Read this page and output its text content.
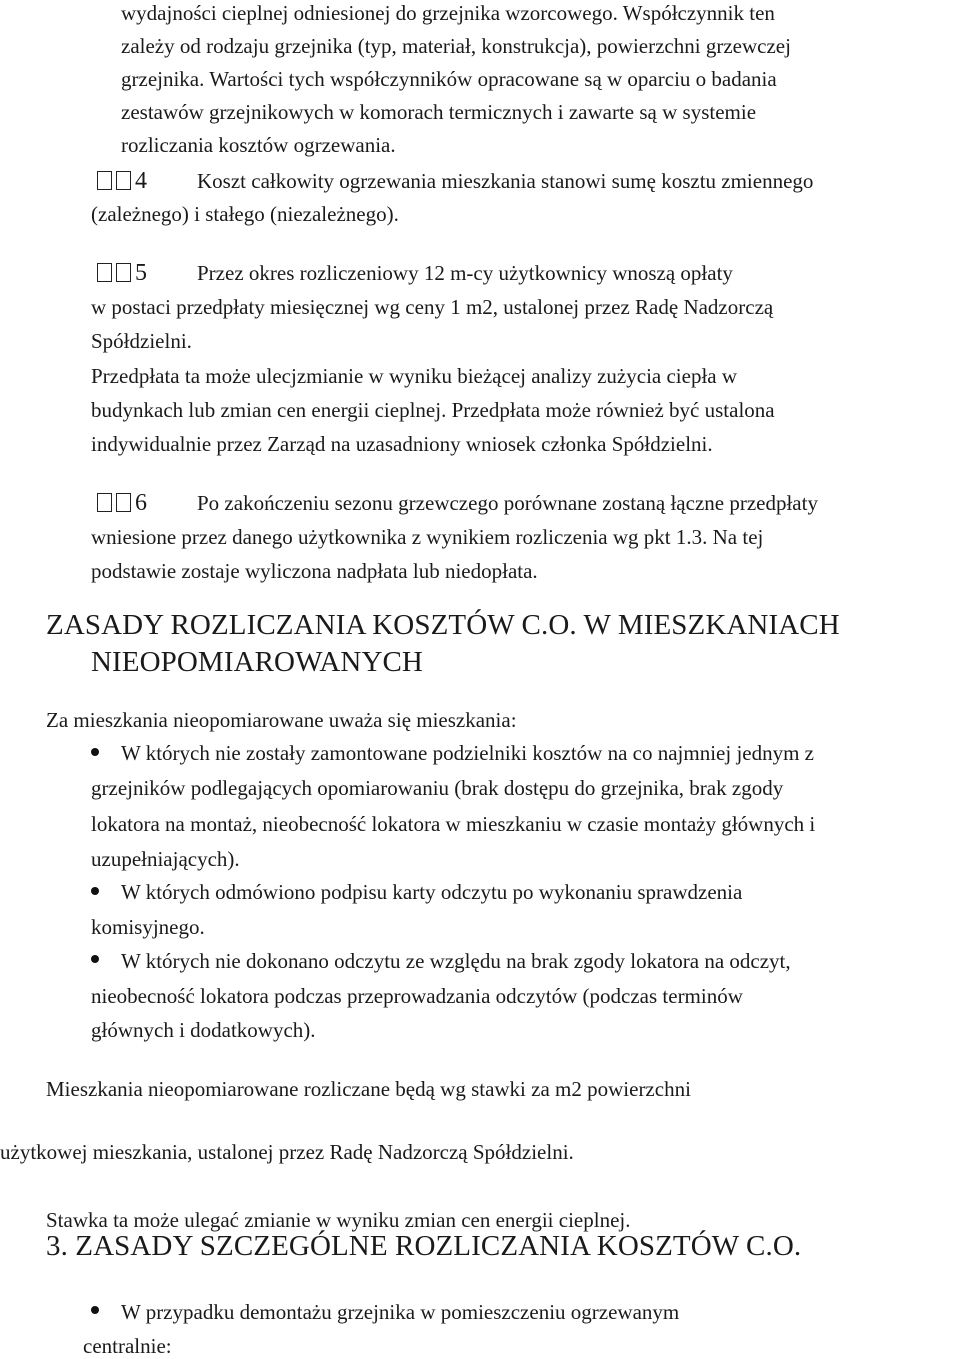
wydajności cieplnej odniesionej do grzejnika wzorcowego. Współczynnik ten
zależy od rodzaju grzejnika (typ, materiał, konstrukcja), powierzchni grzewczej
grzejnika. Wartości tych współczynników opracowane są w oparciu o badania
zestawów grzejnikowych w komorach termicznych i zawarte są w systemie
rozliczania kosztów ogrzewania.
4 Koszt całkowity ogrzewania mieszkania stanowi sumę kosztu zmiennego
(zależnego) i stałego (niezależnego).
5 Przez okres rozliczeniowy 12 m-cy użytkownicy wnoszą opłaty
w postaci przedpłaty miesięcznej wg ceny 1 m2, ustalonej przez Radę Nadzorczą
Spółdzielni.
Przedpłata ta może ulecjzmianie w wyniku bieżącej analizy zużycia ciepła w
budynkach lub zmian cen energii cieplnej. Przedpłata może również być ustalona
indywidualnie przez Zarząd na uzasadniony wniosek członka Spółdzielni.
6 Po zakończeniu sezonu grzewczego porównane zostaną łączne przedpłaty
wniesione przez danego użytkownika z wynikiem rozliczenia wg pkt 1.3. Na tej
podstawie zostaje wyliczona nadpłata lub niedopłata.
ZASADY ROZLICZANIA KOSZTÓW C.O. W MIESZKANIACH
NIEOPOMIAROWANYCH
Za mieszkania nieopomiarowane uważa się mieszkania:
W których nie zostały zamontowane podzielniki kosztów na co najmniej jednym z
grzejników podlegających opomiarowaniu (brak dostępu do grzejnika, brak zgody
lokatora na montaż, nieobecność lokatora w mieszkaniu w czasie montaży głównych i
uzupełniających).
W których odmówiono podpisu karty odczytu po wykonaniu sprawdzenia
komisyjnego.
W których nie dokonano odczytu ze względu na brak zgody lokatora na odczyt,
nieobecność lokatora podczas przeprowadzania odczytów (podczas terminów
głównych i dodatkowych).
Mieszkania nieopomiarowane rozliczane będą wg stawki za m2 powierzchni
użytkowej mieszkania, ustalonej przez Radę Nadzorczą Spółdzielni.
Stawka ta może ulegać zmianie w wyniku zmian cen energii cieplnej.
3. ZASADY SZCZEGÓLNE ROZLICZANIA KOSZTÓW C.O.
W przypadku demontażu grzejnika w pomieszczeniu ogrzewanym
centralnie:
